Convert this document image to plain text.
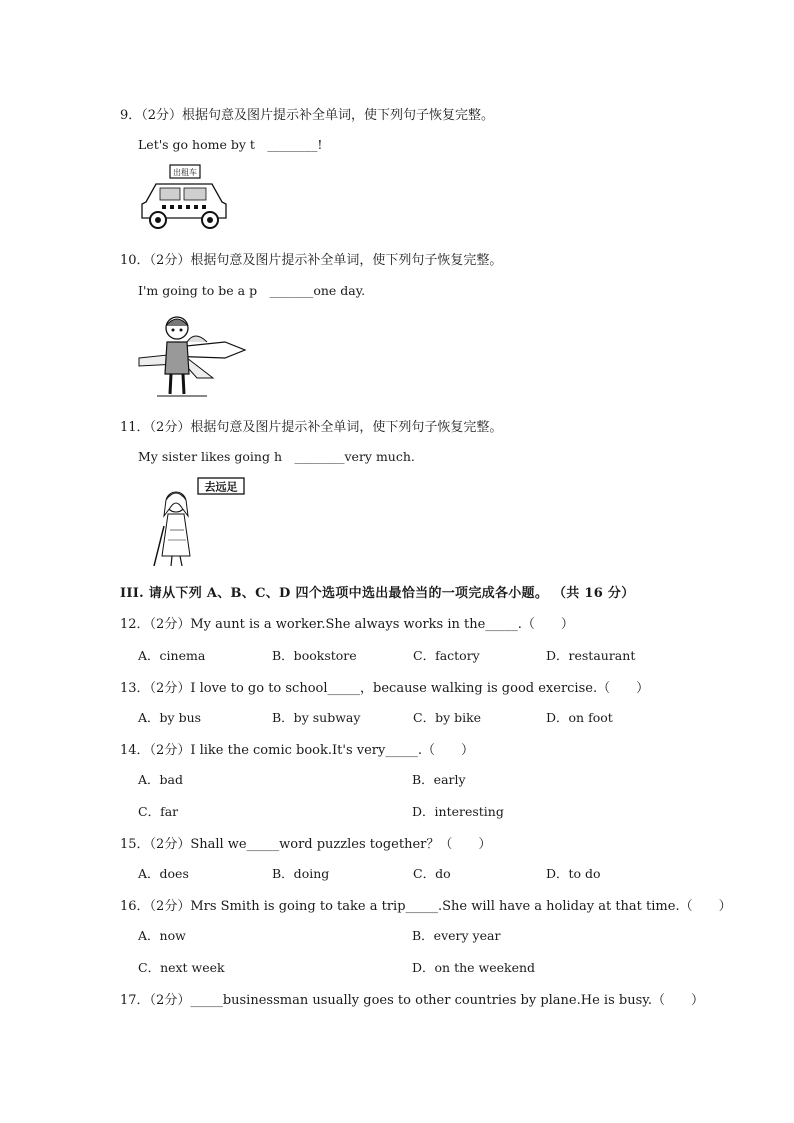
9．（2分）根据句意及图片提示补全单词，使下列句子恢复完整。
Let's go home by t　________!
出租车
10．（2分）根据句意及图片提示补全单词，使下列句子恢复完整。
I'm going to be a p　_______one day.
11．（2分）根据句意及图片提示补全单词，使下列句子恢复完整。
My sister likes going h　________very much.
去远足
III. 请从下列 A、B、C、D 四个选项中选出最恰当的一项完成各小题。 （共 16 分）
12．（2分）My aunt is a worker.She always works in the_____.（　　）
A．cinema	B．bookstore	C．factory	D．restaurant
13．（2分）I love to go to school_____，because walking is good exercise.（　　）
A．by bus	B．by subway	C．by bike	D．on foot
14．（2分）I like the comic book.It's very_____.（　　）
A．bad	B．early
C．far	D．interesting
15．（2分）Shall we_____word puzzles together？（　　）
A．does	B．doing	C．do	D．to do
16．（2分）Mrs Smith is going to take a trip_____.She will have a holiday at that time.（　　）
A．now	B．every year
C．next week	D．on the weekend
17．（2分）_____businessman usually goes to other countries by plane.He is busy.（　　）
